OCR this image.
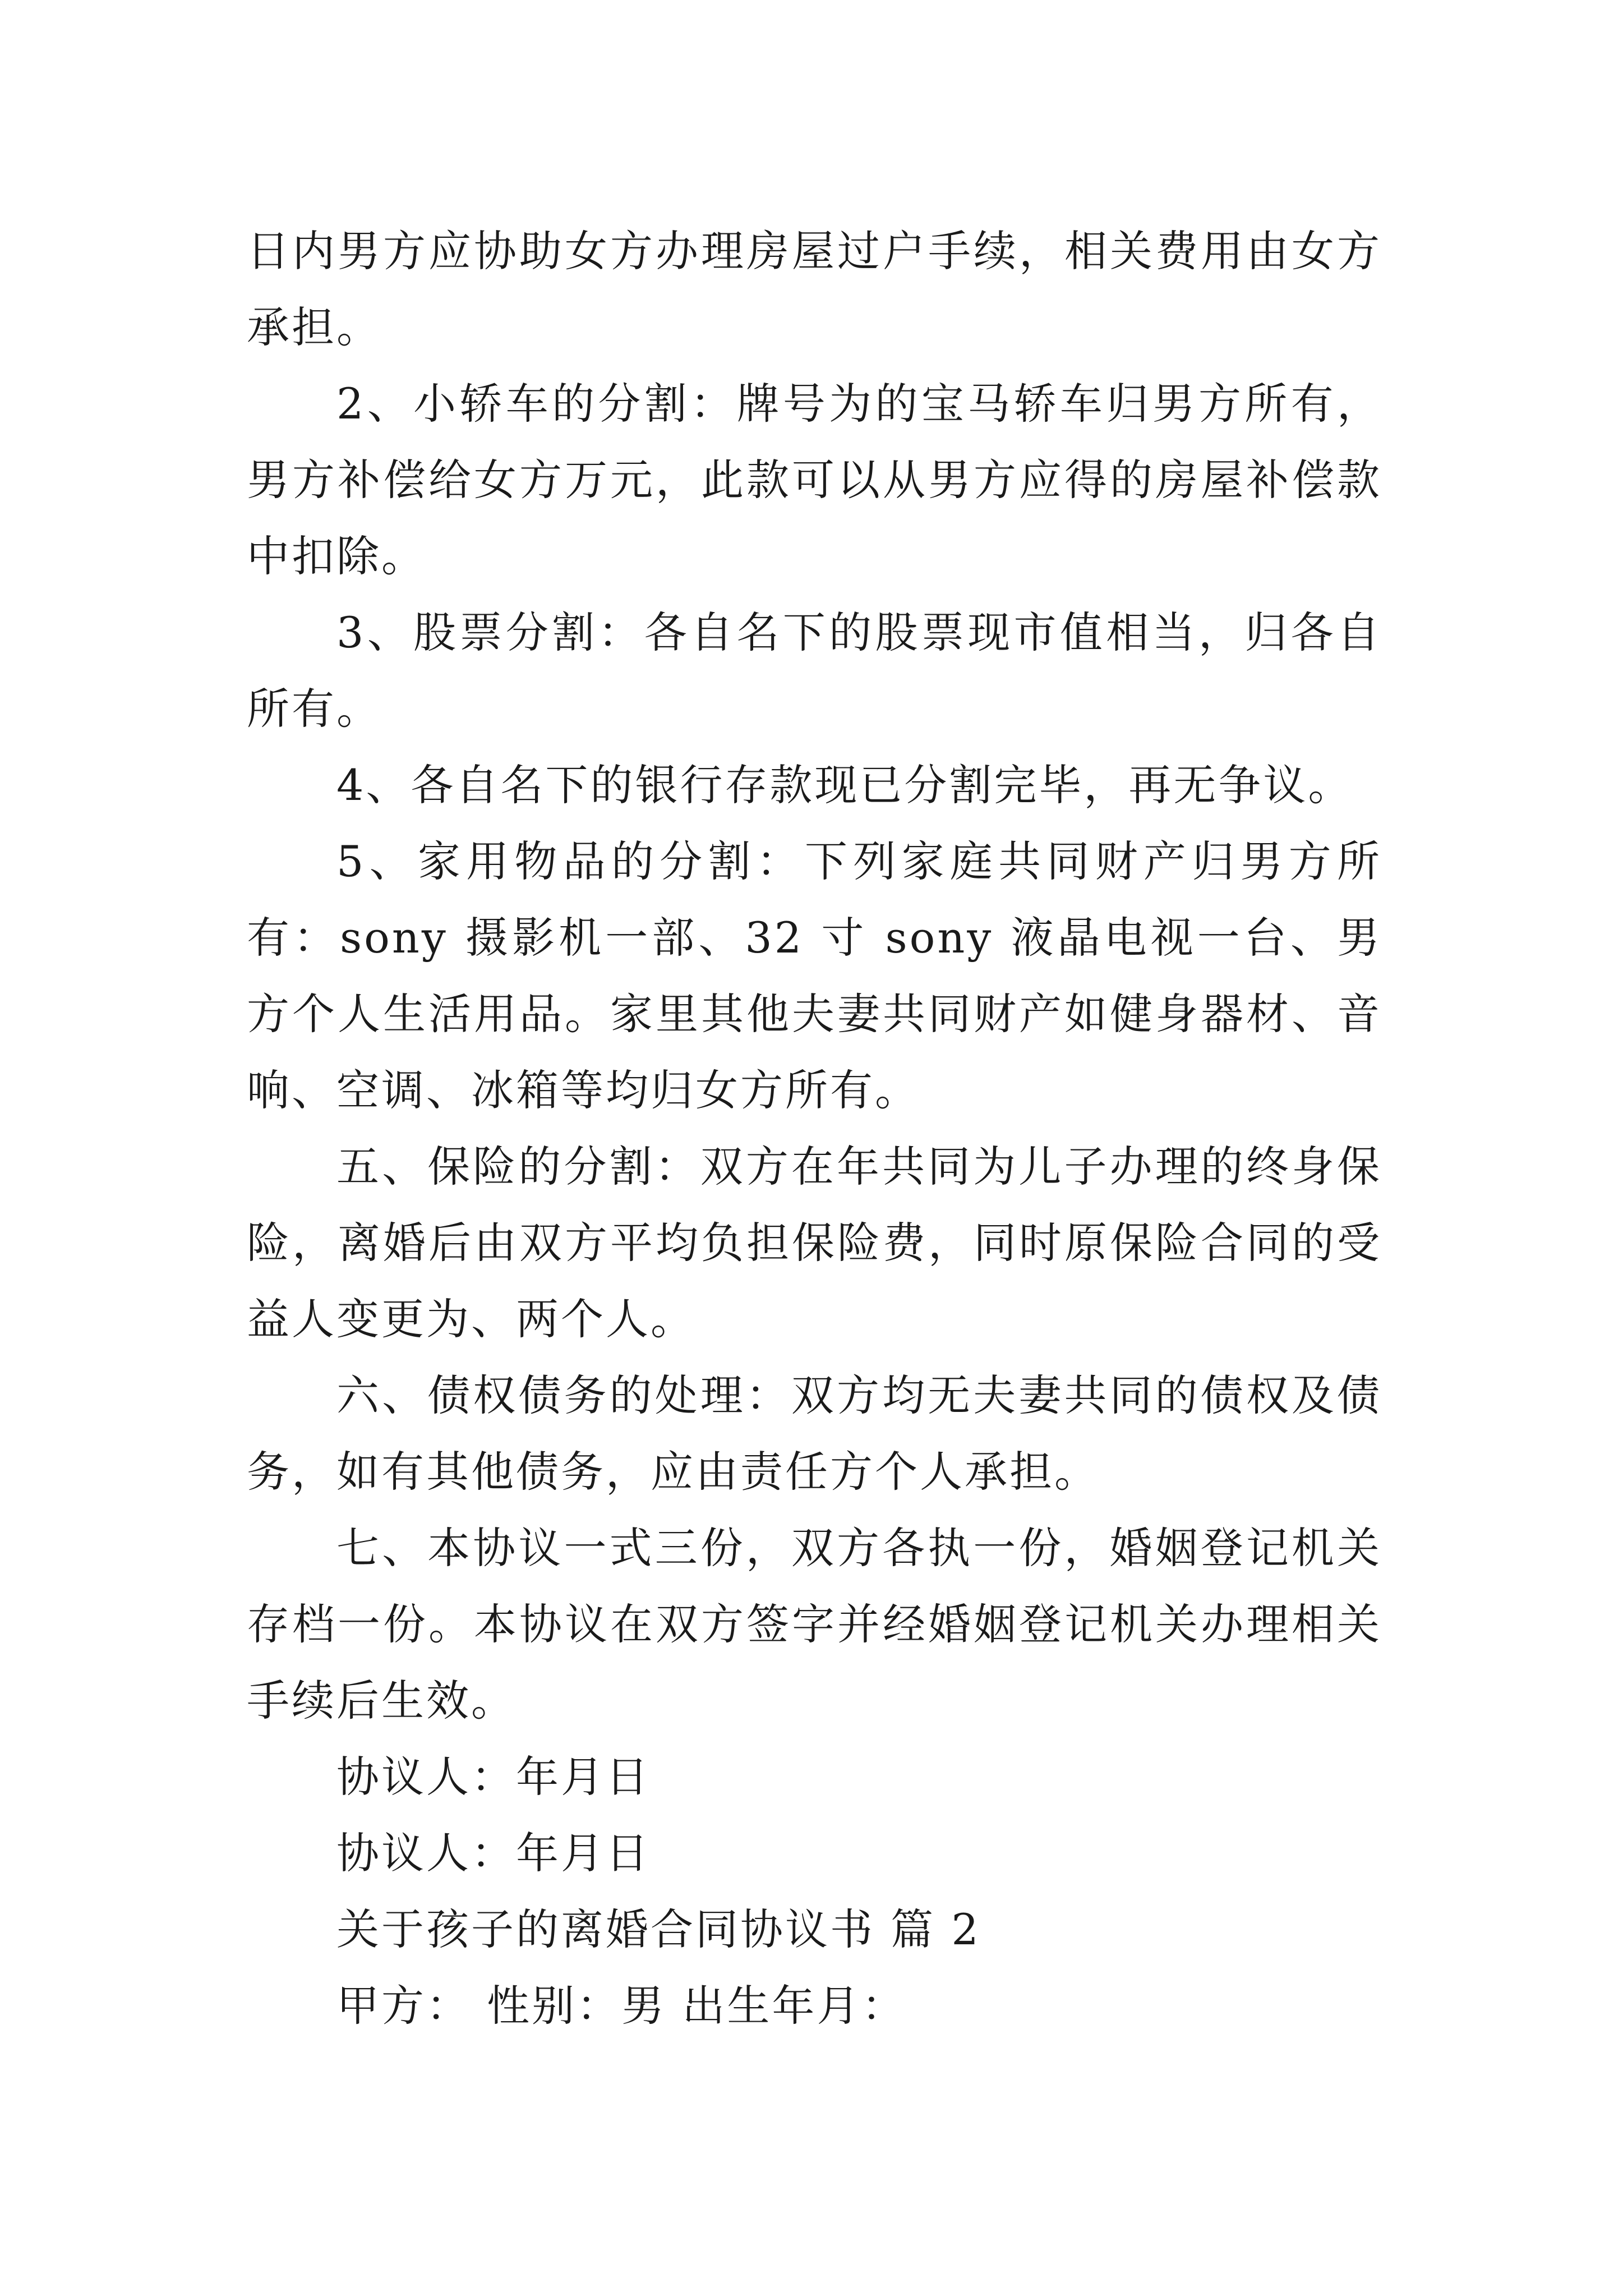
日内男方应协助女方办理房屋过户手续，相关费用由女方承担。

2、小轿车的分割：牌号为的宝马轿车归男方所有，男方补偿给女方万元，此款可以从男方应得的房屋补偿款中扣除。

3、股票分割：各自名下的股票现市值相当，归各自所有。

4、各自名下的银行存款现已分割完毕，再无争议。

5、家用物品的分割：下列家庭共同财产归男方所有：sony 摄影机一部、32 寸 sony 液晶电视一台、男方个人生活用品。家里其他夫妻共同财产如健身器材、音响、空调、冰箱等均归女方所有。

五、保险的分割：双方在年共同为儿子办理的终身保险，离婚后由双方平均负担保险费，同时原保险合同的受益人变更为、两个人。

六、债权债务的处理：双方均无夫妻共同的债权及债务，如有其他债务，应由责任方个人承担。

七、本协议一式三份，双方各执一份，婚姻登记机关存档一份。本协议在双方签字并经婚姻登记机关办理相关手续后生效。

协议人：年月日

协议人：年月日

关于孩子的离婚合同协议书 篇 2

甲方： 性别：男 出生年月：
